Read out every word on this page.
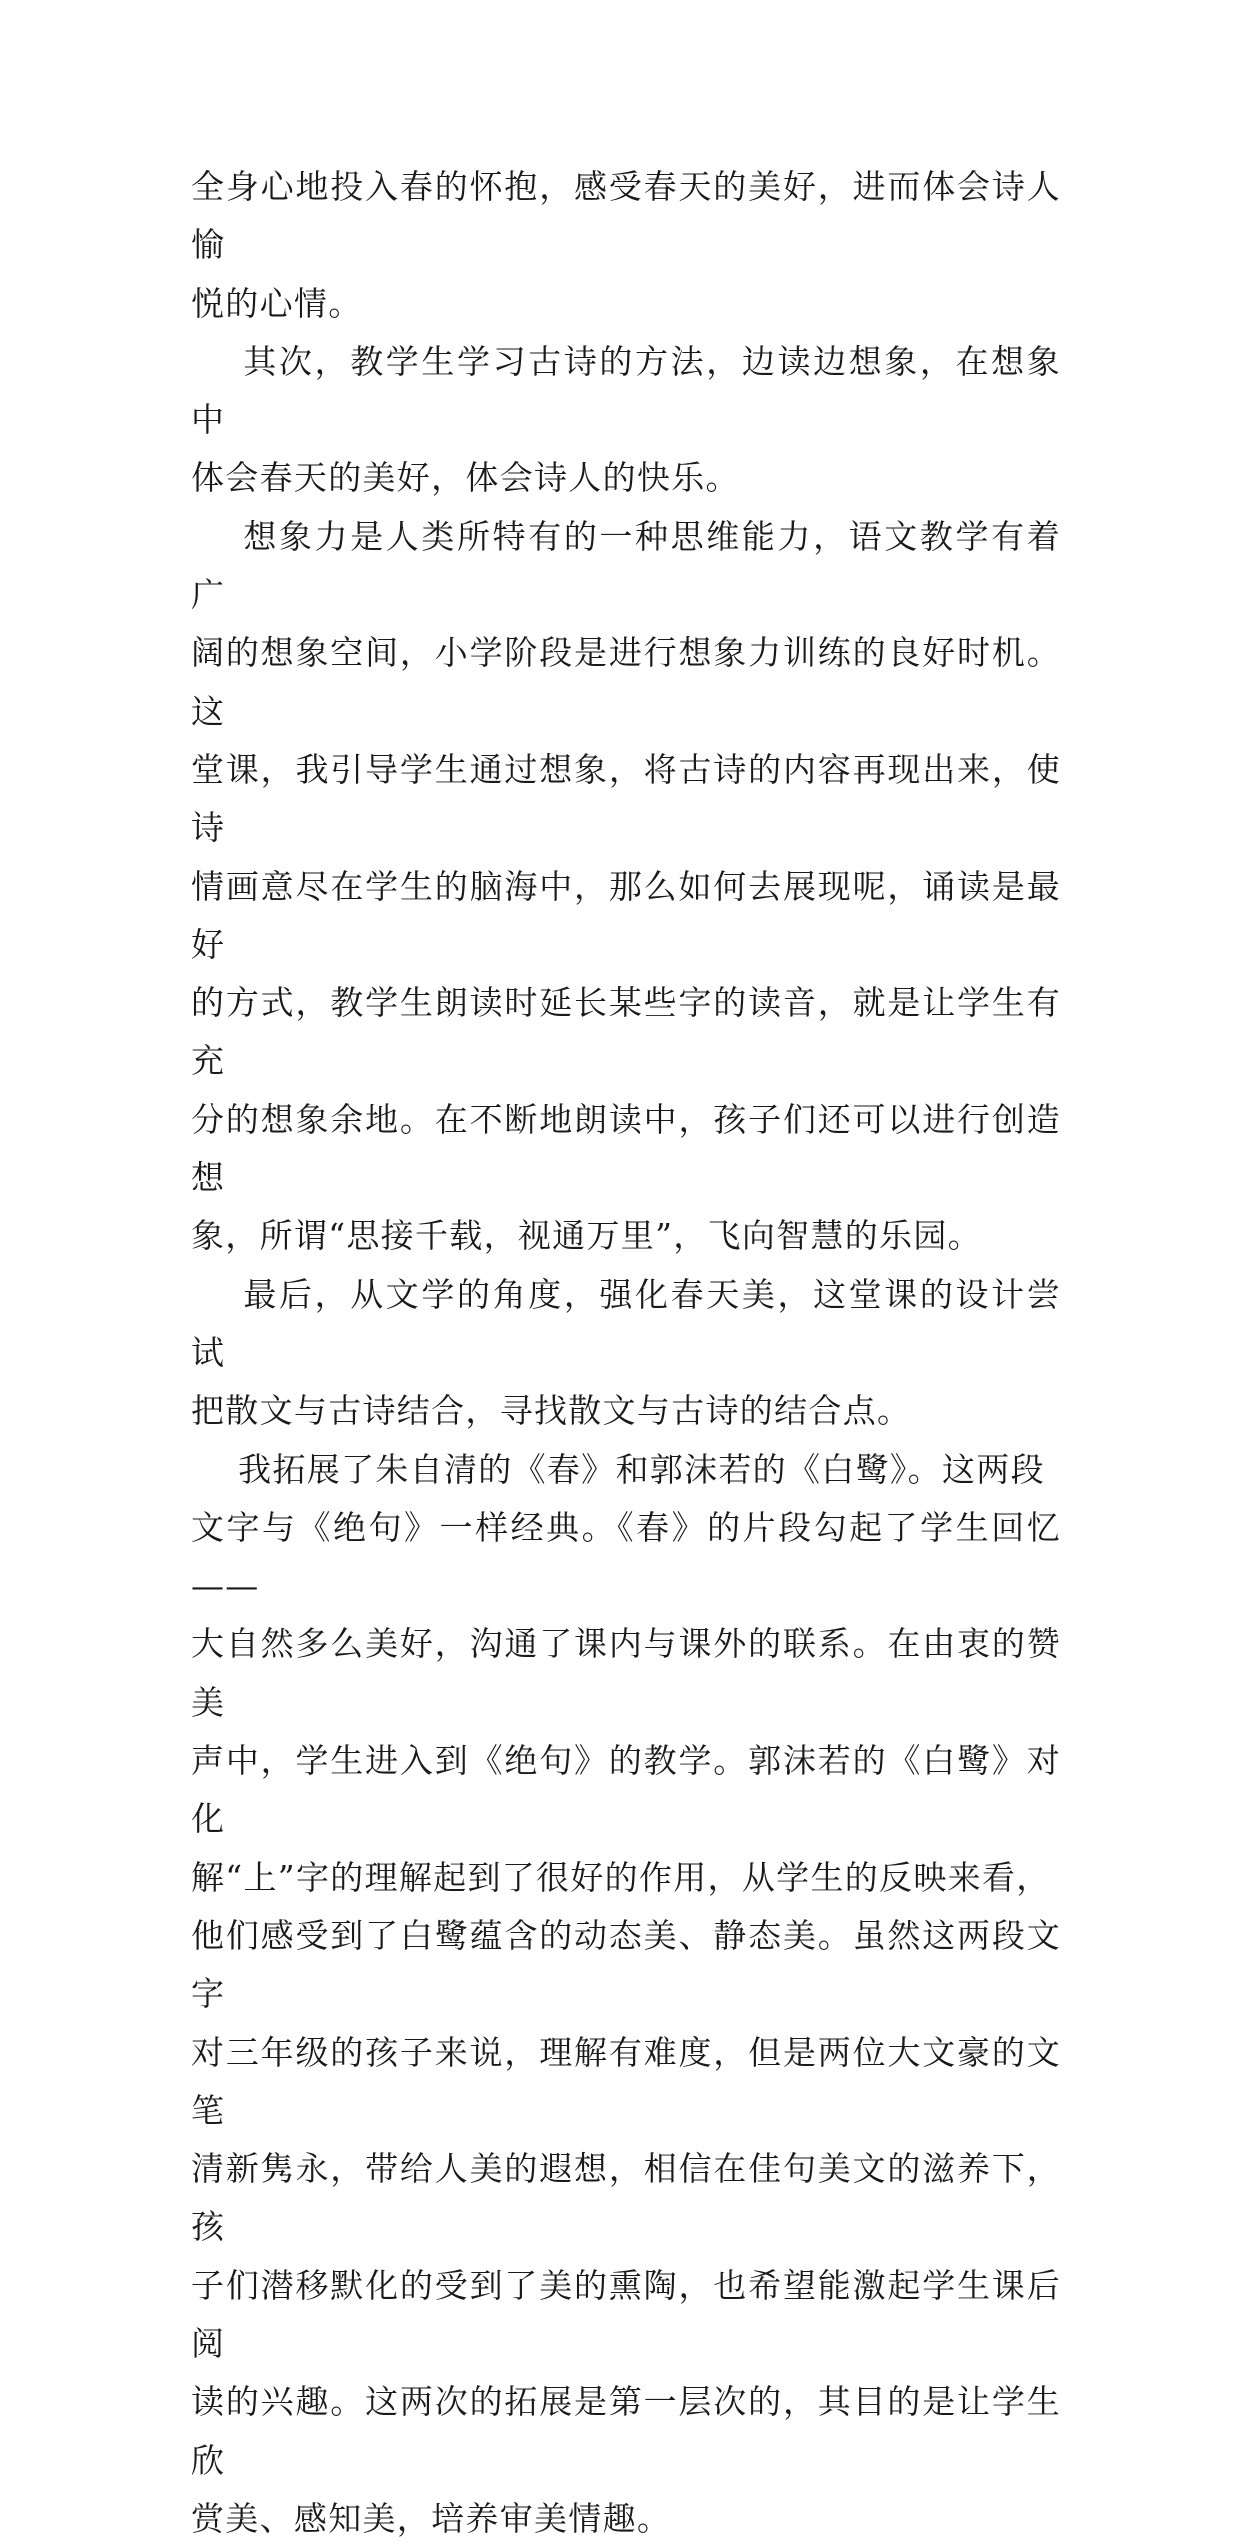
全身心地投入春的怀抱，感受春天的美好，进而体会诗人愉

悦的心情。

其次，教学生学习古诗的方法，边读边想象，在想象中

体会春天的美好，体会诗人的快乐。

想象力是人类所特有的一种思维能力，语文教学有着广

阔的想象空间，小学阶段是进行想象力训练的良好时机。这

堂课，我引导学生通过想象，将古诗的内容再现出来，使诗

情画意尽在学生的脑海中，那么如何去展现呢，诵读是最好

的方式，教学生朗读时延长某些字的读音，就是让学生有充

分的想象余地。在不断地朗读中，孩子们还可以进行创造想

象，所谓“思接千载，视通万里”，飞向智慧的乐园。

最后，从文学的角度，强化春天美，这堂课的设计尝试

把散文与古诗结合，寻找散文与古诗的结合点。

我拓展了朱自清的《春》和郭沫若的《白鹭》。这两段

文字与《绝句》一样经典。《春》的片段勾起了学生回忆——

大自然多么美好，沟通了课内与课外的联系。在由衷的赞美

声中，学生进入到《绝句》的教学。郭沫若的《白鹭》对化

解“上”字的理解起到了很好的作用，从学生的反映来看，

他们感受到了白鹭蕴含的动态美、静态美。虽然这两段文字

对三年级的孩子来说，理解有难度，但是两位大文豪的文笔

清新隽永，带给人美的遐想，相信在佳句美文的滋养下，孩

子们潜移默化的受到了美的熏陶，也希望能激起学生课后阅

读的兴趣。这两次的拓展是第一层次的，其目的是让学生欣

赏美、感知美，培养审美情趣。
